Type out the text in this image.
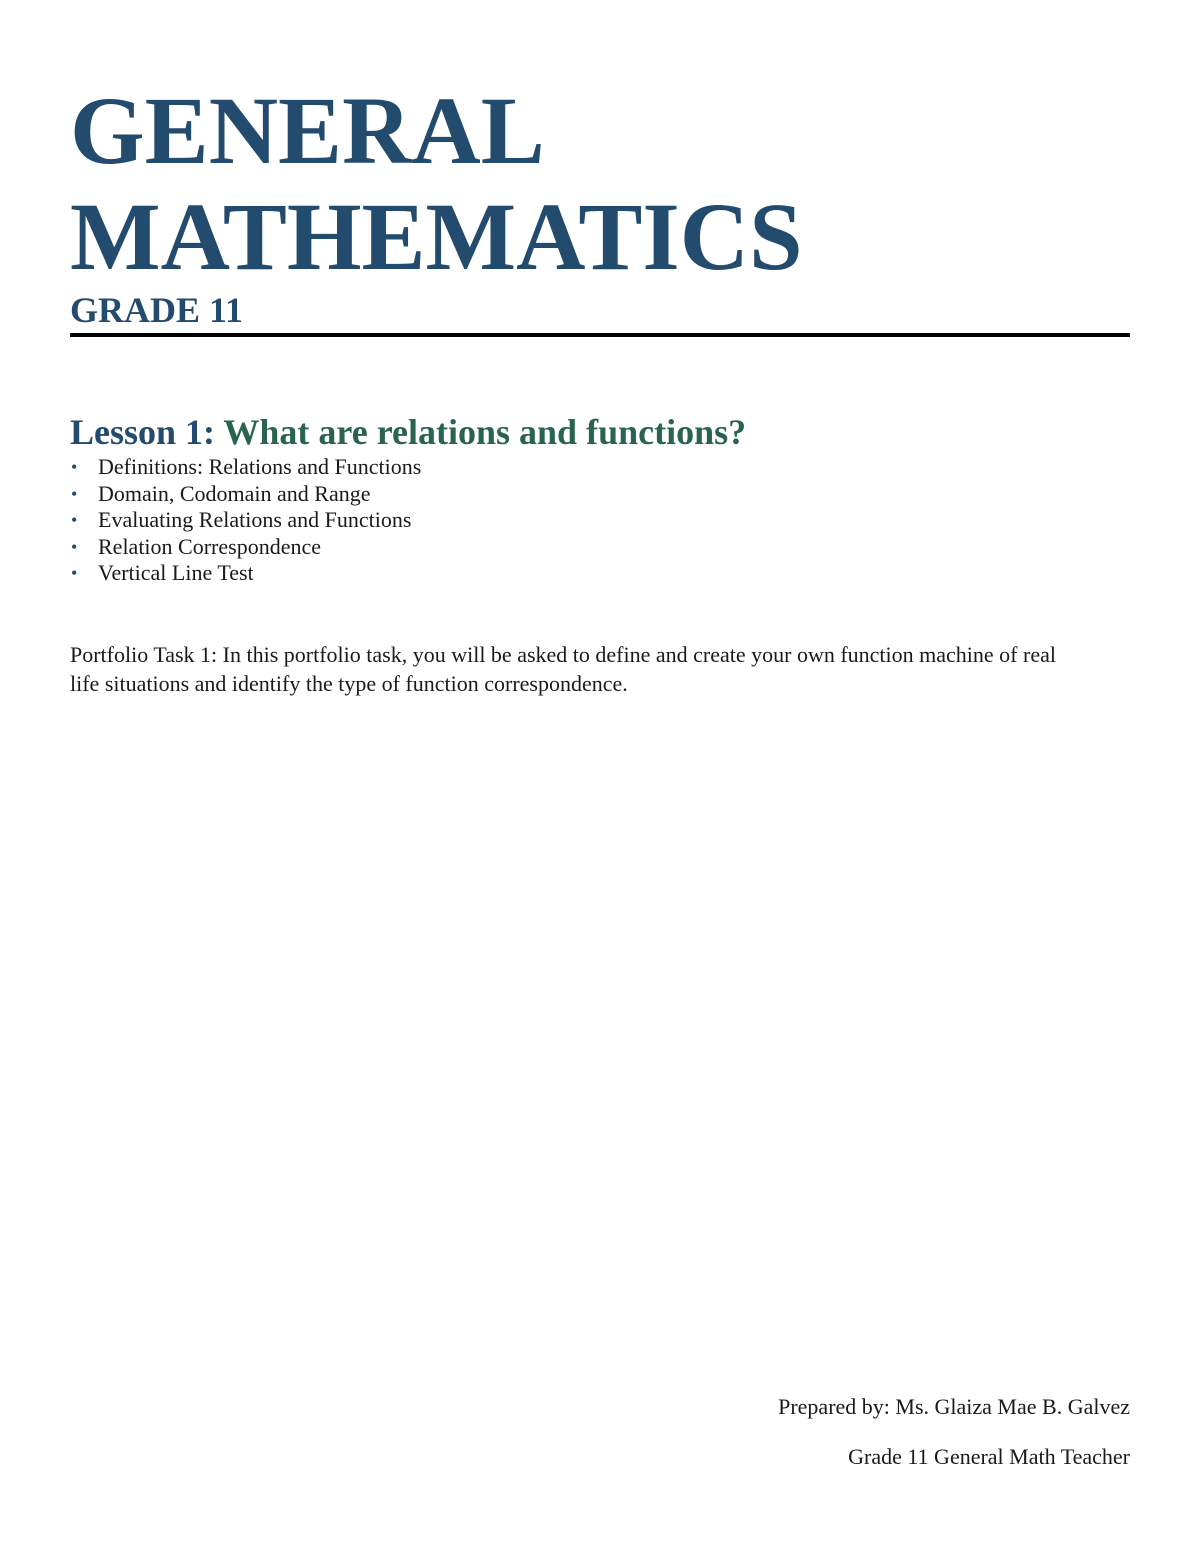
GENERAL
MATHEMATICS
GRADE 11
Lesson 1: What are relations and functions?
• Definitions: Relations and Functions
• Domain, Codomain and Range
• Evaluating Relations and Functions
• Relation Correspondence
• Vertical Line Test

Portfolio Task 1: In this portfolio task, you will be asked to define and create your own function machine of real life situations and identify the type of function correspondence.

Prepared by: Ms. Glaiza Mae B. Galvez

Grade 11 General Math Teacher
